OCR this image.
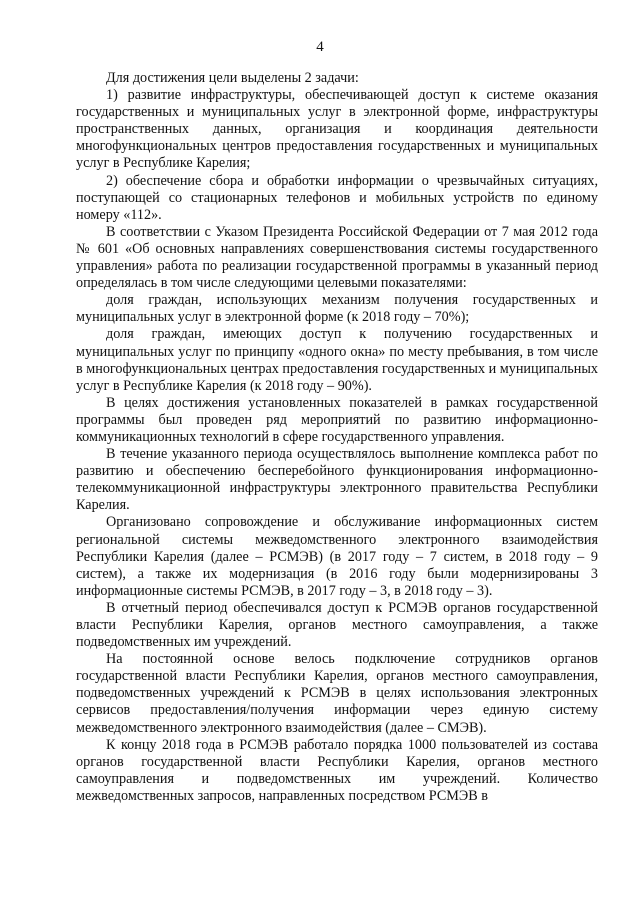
4

Для достижения цели выделены 2 задачи:

1) развитие инфраструктуры, обеспечивающей доступ к системе оказания государственных и муниципальных услуг в электронной форме, инфраструктуры пространственных данных, организация и координация деятельности многофункциональных центров предоставления государственных и муниципальных услуг в Республике Карелия;

2) обеспечение сбора и обработки информации о чрезвычайных ситуациях, поступающей со стационарных телефонов и мобильных устройств по единому номеру «112».

В соответствии с Указом Президента Российской Федерации от 7 мая 2012 года № 601 «Об основных направлениях совершенствования системы государственного управления» работа по реализации государственной программы в указанный период определялась в том числе следующими целевыми показателями:

доля граждан, использующих механизм получения государственных и муниципальных услуг в электронной форме (к 2018 году – 70%);

доля граждан, имеющих доступ к получению государственных и муниципальных услуг по принципу «одного окна» по месту пребывания, в том числе в многофункциональных центрах предоставления государственных и муниципальных услуг в Республике Карелия (к 2018 году – 90%).

В целях достижения установленных показателей в рамках государственной программы был проведен ряд мероприятий по развитию информационно-коммуникационных технологий в сфере государственного управления.

В течение указанного периода осуществлялось выполнение комплекса работ по развитию и обеспечению бесперебойного функционирования информационно-телекоммуникационной инфраструктуры электронного правительства Республики Карелия.

Организовано сопровождение и обслуживание информационных систем региональной системы межведомственного электронного взаимодействия Республики Карелия (далее – РСМЭВ) (в 2017 году – 7 систем, в 2018 году – 9 систем), а также их модернизация (в 2016 году были модернизированы 3 информационные системы РСМЭВ, в 2017 году – 3, в 2018 году – 3).

В отчетный период обеспечивался доступ к РСМЭВ органов государственной власти Республики Карелия, органов местного самоуправления, а также подведомственных им учреждений.

На постоянной основе велось подключение сотрудников органов государственной власти Республики Карелия, органов местного самоуправления, подведомственных учреждений к РСМЭВ в целях использования электронных сервисов предоставления/получения информации через единую систему межведомственного электронного взаимодействия (далее – СМЭВ).

К концу 2018 года в РСМЭВ работало порядка 1000 пользователей из состава органов государственной власти Республики Карелия, органов местного самоуправления и подведомственных им учреждений. Количество межведомственных запросов, направленных посредством РСМЭВ в
